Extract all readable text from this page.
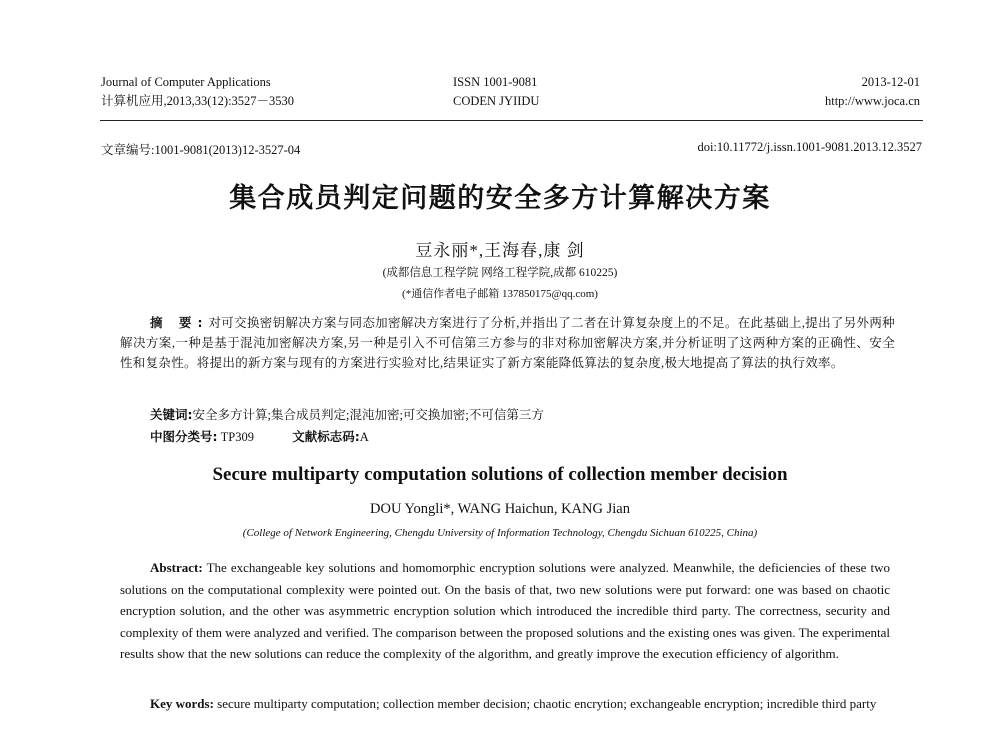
Journal of Computer Applications
计算机应用,2013,33(12):3527－3530
ISSN 1001-9081
CODEN JYIIDU
2013-12-01
http://www.joca.cn
文章编号:1001-9081(2013)12-3527-04	doi:10.11772/j.issn.1001-9081.2013.12.3527
集合成员判定问题的安全多方计算解决方案
豆永丽*,王海春,康 剑
(成都信息工程学院 网络工程学院,成都 610225)
(*通信作者电子邮箱 137850175@qq.com)
摘 要:对可交换密钥解决方案与同态加密解决方案进行了分析,并指出了二者在计算复杂度上的不足。在此基础上,提出了另外两种解决方案,一种是基于混沌加密解决方案,另一种是引入不可信第三方参与的非对称加密解决方案,并分析证明了这两种方案的正确性、安全性和复杂性。将提出的新方案与现有的方案进行实验对比,结果证实了新方案能降低算法的复杂度,极大地提高了算法的执行效率。
关键词:安全多方计算;集合成员判定;混沌加密;可交换加密;不可信第三方
中图分类号: TP309	文献标志码:A
Secure multiparty computation solutions of collection member decision
DOU Yongli*, WANG Haichun, KANG Jian
(College of Network Engineering, Chengdu University of Information Technology, Chengdu Sichuan 610225, China)
Abstract: The exchangeable key solutions and homomorphic encryption solutions were analyzed. Meanwhile, the deficiencies of these two solutions on the computational complexity were pointed out. On the basis of that, two new solutions were put forward: one was based on chaotic encryption solution, and the other was asymmetric encryption solution which introduced the incredible third party. The correctness, security and complexity of them were analyzed and verified. The comparison between the proposed solutions and the existing ones was given. The experimental results show that the new solutions can reduce the complexity of the algorithm, and greatly improve the execution efficiency of algorithm.
Key words: secure multiparty computation; collection member decision; chaotic encrytion; exchangeable encryption; incredible third party
